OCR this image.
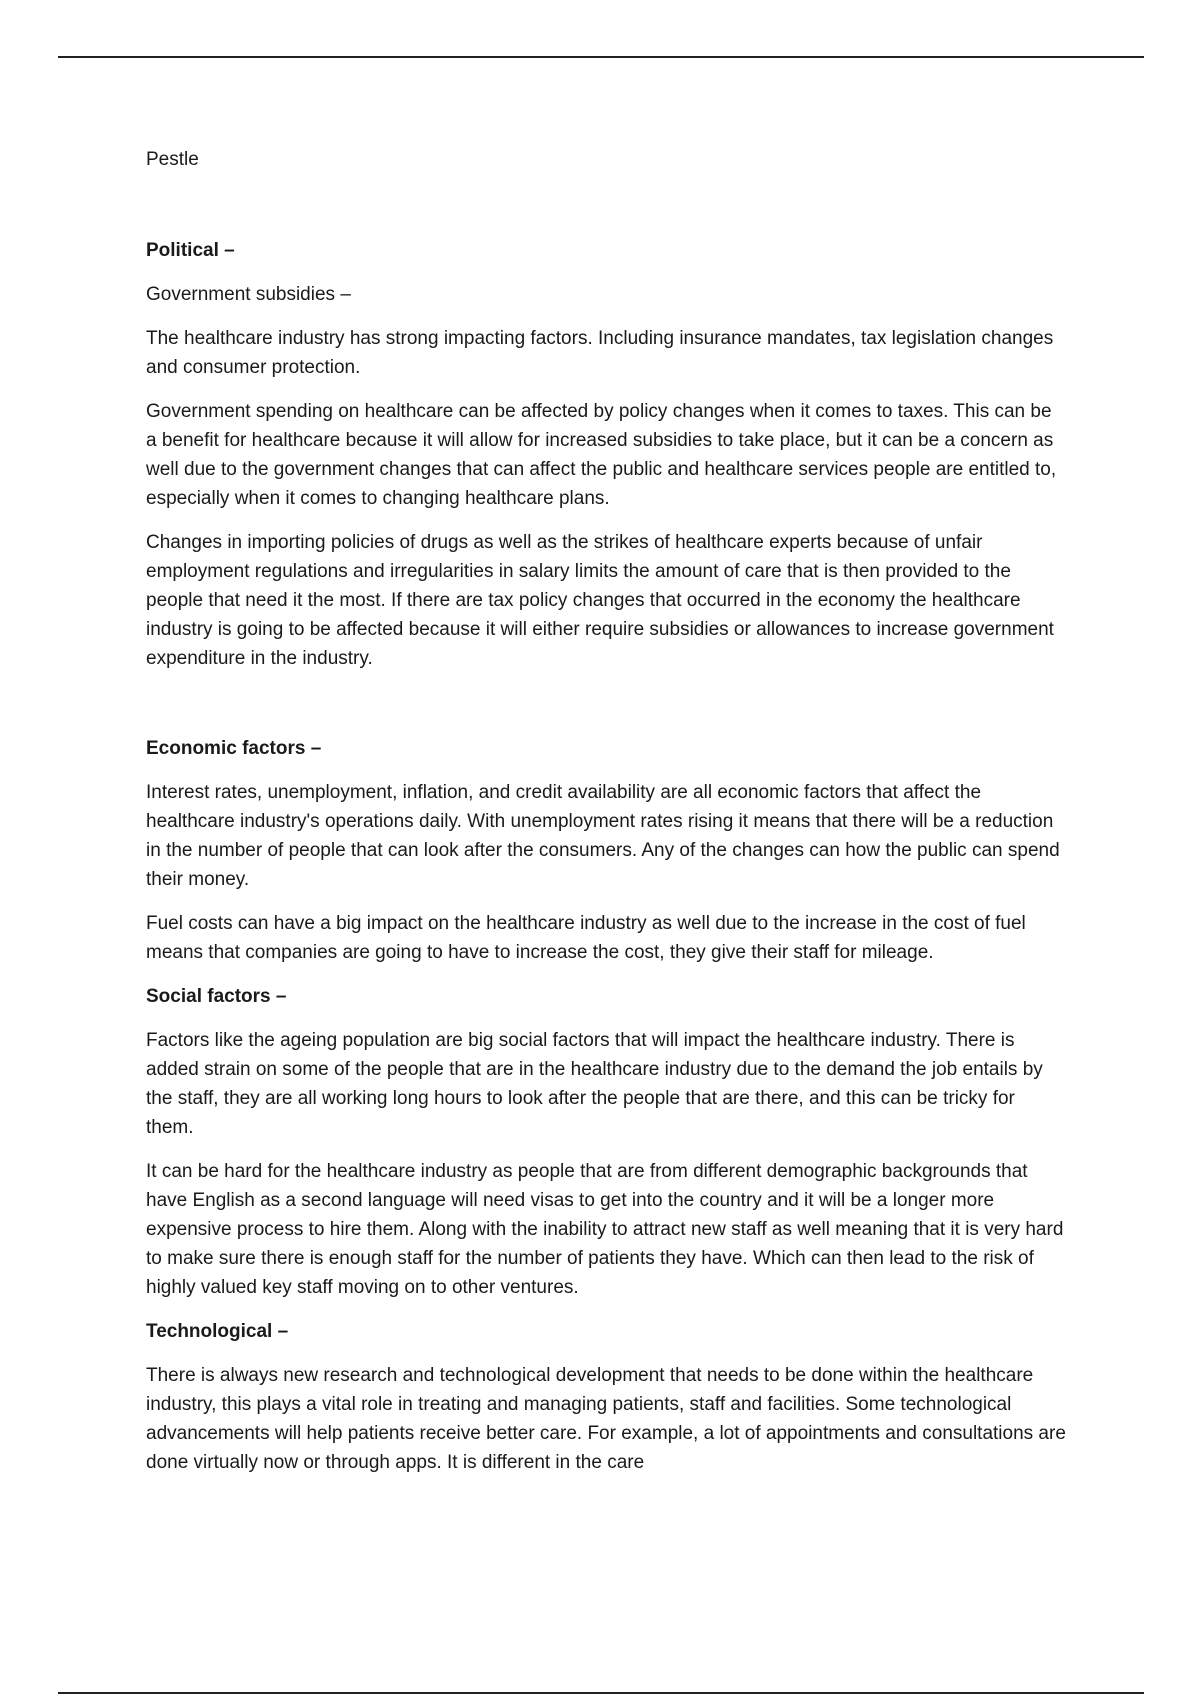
Pestle

Political –

Government subsidies –

The healthcare industry has strong impacting factors. Including insurance mandates, tax legislation changes and consumer protection.

Government spending on healthcare can be affected by policy changes when it comes to taxes. This can be a benefit for healthcare because it will allow for increased subsidies to take place, but it can be a concern as well due to the government changes that can affect the public and healthcare services people are entitled to, especially when it comes to changing healthcare plans.

Changes in importing policies of drugs as well as the strikes of healthcare experts because of unfair employment regulations and irregularities in salary limits the amount of care that is then provided to the people that need it the most. If there are tax policy changes that occurred in the economy the healthcare industry is going to be affected because it will either require subsidies or allowances to increase government expenditure in the industry.

Economic factors –

Interest rates, unemployment, inflation, and credit availability are all economic factors that affect the healthcare industry's operations daily. With unemployment rates rising it means that there will be a reduction in the number of people that can look after the consumers. Any of the changes can how the public can spend their money.

Fuel costs can have a big impact on the healthcare industry as well due to the increase in the cost of fuel means that companies are going to have to increase the cost, they give their staff for mileage.

Social factors –

Factors like the ageing population are big social factors that will impact the healthcare industry. There is added strain on some of the people that are in the healthcare industry due to the demand the job entails by the staff, they are all working long hours to look after the people that are there, and this can be tricky for them.

It can be hard for the healthcare industry as people that are from different demographic backgrounds that have English as a second language will need visas to get into the country and it will be a longer more expensive process to hire them. Along with the inability to attract new staff as well meaning that it is very hard to make sure there is enough staff for the number of patients they have. Which can then lead to the risk of highly valued key staff moving on to other ventures.

Technological –

There is always new research and technological development that needs to be done within the healthcare industry, this plays a vital role in treating and managing patients, staff and facilities. Some technological advancements will help patients receive better care. For example, a lot of appointments and consultations are done virtually now or through apps. It is different in the care
